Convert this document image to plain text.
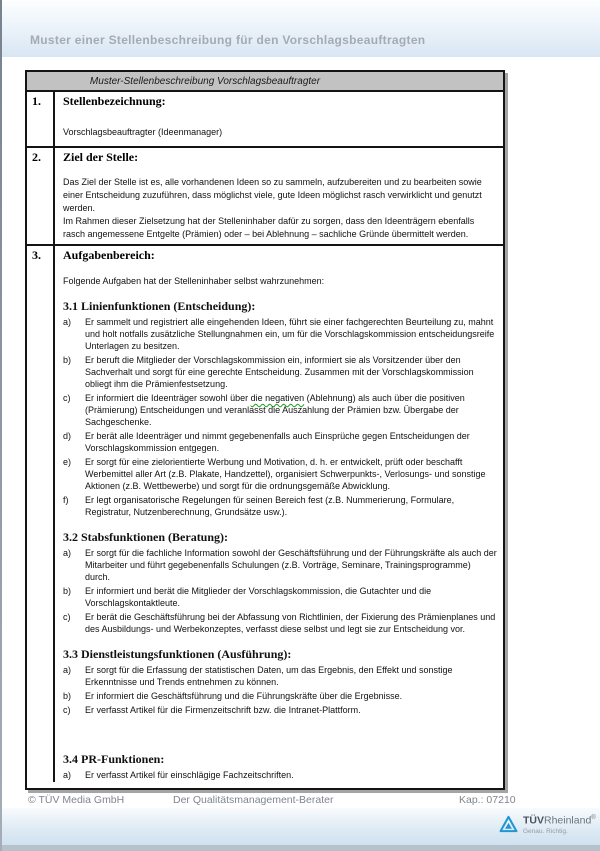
Muster einer Stellenbeschreibung für den Vorschlagsbeauftragten
Muster-Stellenbeschreibung Vorschlagsbeauftragter
1.	Stellenbezeichnung:
Vorschlagsbeauftragter (Ideenmanager)
2.	Ziel der Stelle:
Das Ziel der Stelle ist es, alle vorhandenen Ideen so zu sammeln, aufzubereiten und zu bearbeiten sowie einer Entscheidung zuzuführen, dass möglichst viele, gute Ideen möglichst rasch verwirklicht und genutzt werden.
Im Rahmen dieser Zielsetzung hat der Stelleninhaber dafür zu sorgen, dass den Ideenträgern ebenfalls rasch angemessene Entgelte (Prämien) oder – bei Ablehnung – sachliche Gründe übermittelt werden.
3.	Aufgabenbereich:
Folgende Aufgaben hat der Stelleninhaber selbst wahrzunehmen:
3.1 Linienfunktionen (Entscheidung):
a)	Er sammelt und registriert alle eingehenden Ideen, führt sie einer fachgerechten Beurteilung zu, mahnt und holt notfalls zusätzliche Stellungnahmen ein, um für die Vorschlagskommission entscheidungsreife Unterlagen zu besitzen.
b)	Er beruft die Mitglieder der Vorschlagskommission ein, informiert sie als Vorsitzender über den Sachverhalt und sorgt für eine gerechte Entscheidung. Zusammen mit der Vorschlagskommission obliegt ihm die Prämienfestsetzung.
c)	Er informiert die Ideenträger sowohl über die negativen (Ablehnung) als auch über die positiven (Prämierung) Entscheidungen und veranlasst die Auszahlung der Prämien bzw. Übergabe der Sachgeschenke.
d)	Er berät alle Ideenträger und nimmt gegebenenfalls auch Einsprüche gegen Entscheidungen der Vorschlagskommission entgegen.
e)	Er sorgt für eine zielorientierte Werbung und Motivation, d. h. er entwickelt, prüft oder beschafft Werbemittel aller Art (z.B. Plakate, Handzettel), organisiert Schwerpunkts-, Verlosungs- und sonstige Aktionen (z.B. Wettbewerbe) und sorgt für die ordnungsgemäße Abwicklung.
f)	Er legt organisatorische Regelungen für seinen Bereich fest (z.B. Nummerierung, Formulare, Registratur, Nutzenberechnung, Grundsätze usw.).
3.2 Stabsfunktionen (Beratung):
a)	Er sorgt für die fachliche Information sowohl der Geschäftsführung und der Führungskräfte als auch der Mitarbeiter und führt gegebenenfalls Schulungen (z.B. Vorträge, Seminare, Trainingsprogramme) durch.
b)	Er informiert und berät die Mitglieder der Vorschlagskommission, die Gutachter und die Vorschlagskontaktleute.
c)	Er berät die Geschäftsführung bei der Abfassung von Richtlinien, der Fixierung des Prämienplanes und des Ausbildungs- und Werbekonzeptes, verfasst diese selbst und legt sie zur Entscheidung vor.
3.3 Dienstleistungsfunktionen (Ausführung):
a)	Er sorgt für die Erfassung der statistischen Daten, um das Ergebnis, den Effekt und sonstige Erkenntnisse und Trends entnehmen zu können.
b)	Er informiert die Geschäftsführung und die Führungskräfte über die Ergebnisse.
c)	Er verfasst Artikel für die Firmenzeitschrift bzw. die Intranet-Plattform.
3.4 PR-Funktionen:
a)	Er verfasst Artikel für einschlägige Fachzeitschriften.
© TÜV Media GmbH	Der Qualitätsmanagement-Berater	Kap.: 07210
TÜVRheinland®
Genau. Richtig.
